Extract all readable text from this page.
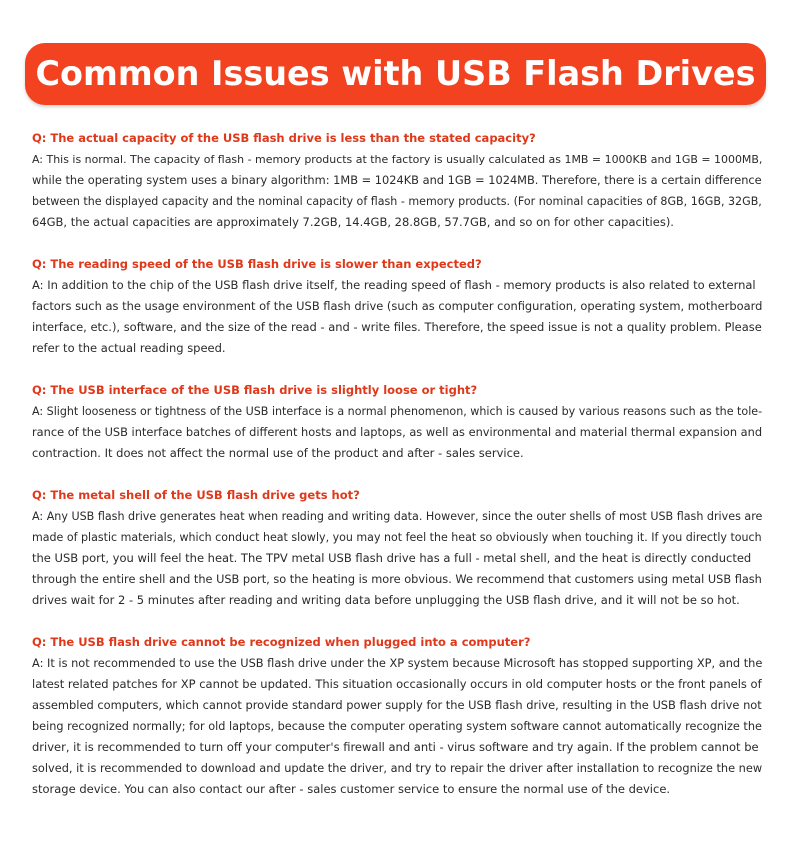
Common Issues with USB Flash Drives
Q: The actual capacity of the USB flash drive is less than the stated capacity?
A: This is normal. The capacity of flash - memory products at the factory is usually calculated as 1MB = 1000KB and 1GB = 1000MB,
while the operating system uses a binary algorithm: 1MB = 1024KB and 1GB = 1024MB. Therefore, there is a certain difference
between the displayed capacity and the nominal capacity of flash - memory products. (For nominal capacities of 8GB, 16GB, 32GB,
64GB, the actual capacities are approximately 7.2GB, 14.4GB, 28.8GB, 57.7GB, and so on for other capacities).
Q: The reading speed of the USB flash drive is slower than expected?
A: In addition to the chip of the USB flash drive itself, the reading speed of flash - memory products is also related to external
factors such as the usage environment of the USB flash drive (such as computer configuration, operating system, motherboard
interface, etc.), software, and the size of the read - and - write files. Therefore, the speed issue is not a quality problem. Please
refer to the actual reading speed.
Q: The USB interface of the USB flash drive is slightly loose or tight?
A: Slight looseness or tightness of the USB interface is a normal phenomenon, which is caused by various reasons such as the tole-
rance of the USB interface batches of different hosts and laptops, as well as environmental and material thermal expansion and
contraction. It does not affect the normal use of the product and after - sales service.
Q: The metal shell of the USB flash drive gets hot?
A: Any USB flash drive generates heat when reading and writing data. However, since the outer shells of most USB flash drives are
made of plastic materials, which conduct heat slowly, you may not feel the heat so obviously when touching it. If you directly touch
the USB port, you will feel the heat. The TPV metal USB flash drive has a full - metal shell, and the heat is directly conducted
through the entire shell and the USB port, so the heating is more obvious. We recommend that customers using metal USB flash
drives wait for 2 - 5 minutes after reading and writing data before unplugging the USB flash drive, and it will not be so hot.
Q: The USB flash drive cannot be recognized when plugged into a computer?
A: It is not recommended to use the USB flash drive under the XP system because Microsoft has stopped supporting XP, and the
latest related patches for XP cannot be updated. This situation occasionally occurs in old computer hosts or the front panels of
assembled computers, which cannot provide standard power supply for the USB flash drive, resulting in the USB flash drive not
being recognized normally; for old laptops, because the computer operating system software cannot automatically recognize the
driver, it is recommended to turn off your computer's firewall and anti - virus software and try again. If the problem cannot be
solved, it is recommended to download and update the driver, and try to repair the driver after installation to recognize the new
storage device. You can also contact our after - sales customer service to ensure the normal use of the device.
